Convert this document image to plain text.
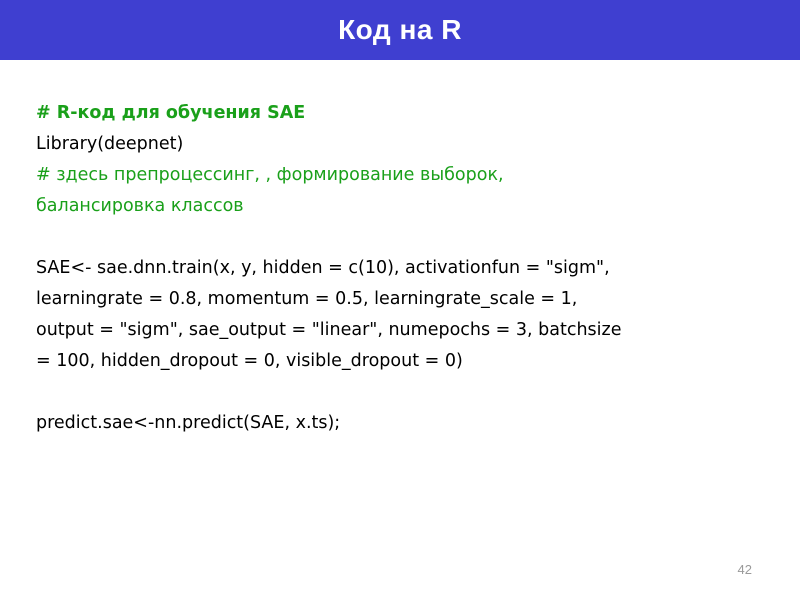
Код на R
# R-код для обучения SAE
Library(deepnet)
# здесь препроцессинг, , формирование выборок,
балансировка классов
SAE<- sae.dnn.train(x, y, hidden = c(10), activationfun = "sigm",
learningrate = 0.8, momentum = 0.5, learningrate_scale = 1,
output = "sigm", sae_output = "linear", numepochs = 3, batchsize
= 100, hidden_dropout = 0, visible_dropout = 0)
predict.sae<-nn.predict(SAE, x.ts);
42
